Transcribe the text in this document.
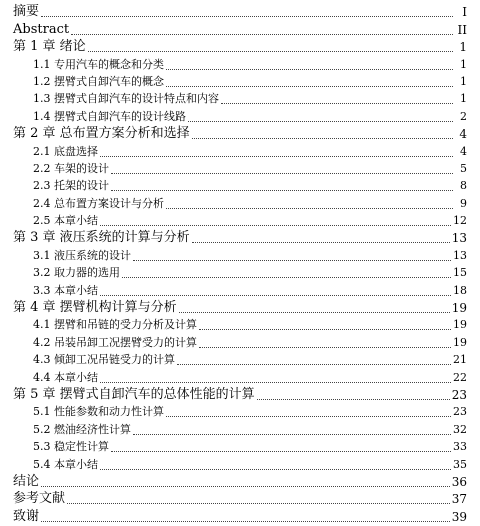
摘要	I
Abstract	II
第 1 章 绪论	1
1.1 专用汽车的概念和分类	1
1.2 摆臂式自卸汽车的概念	1
1.3 摆臂式自卸汽车的设计特点和内容	1
1.4 摆臂式自卸汽车的设计线路	2
第 2 章 总布置方案分析和选择	4
2.1 底盘选择	4
2.2 车架的设计	5
2.3 托架的设计	8
2.4 总布置方案设计与分析	9
2.5 本章小结	12
第 3 章 液压系统的计算与分析	13
3.1 液压系统的设计	13
3.2 取力器的选用	15
3.3 本章小结	18
第 4 章 摆臂机构计算与分析	19
4.1 摆臂和吊链的受力分析及计算	19
4.2 吊装吊卸工况摆臂受力的计算	19
4.3 倾卸工况吊链受力的计算	21
4.4 本章小结	22
第 5 章 摆臂式自卸汽车的总体性能的计算	23
5.1 性能参数和动力性计算	23
5.2 燃油经济性计算	32
5.3 稳定性计算	33
5.4 本章小结	35
结论	36
参考文献	37
致谢	39
